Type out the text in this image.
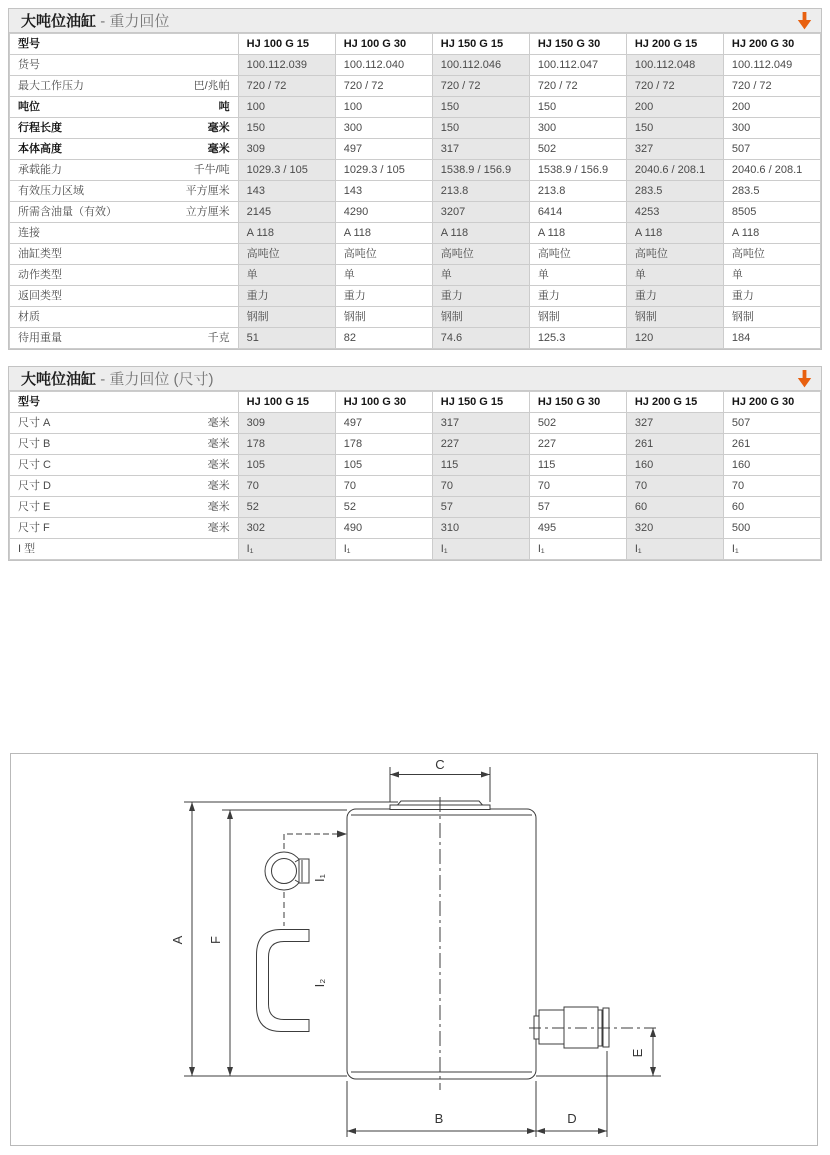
大吨位油缸 - 重力回位
型号	HJ 100 G 15	HJ 100 G 30	HJ 150 G 15	HJ 150 G 30	HJ 200 G 15	HJ 200 G 30
货号	100.112.039	100.112.040	100.112.046	100.112.047	100.112.048	100.112.049
最大工作压力 巴/兆帕	720 / 72	720 / 72	720 / 72	720 / 72	720 / 72	720 / 72
吨位 吨	100	100	150	150	200	200
行程长度 毫米	150	300	150	300	150	300
本体高度 毫米	309	497	317	502	327	507
承载能力 千牛/吨	1029.3 / 105	1029.3 / 105	1538.9 / 156.9	1538.9 / 156.9	2040.6 / 208.1	2040.6 / 208.1
有效压力区域 平方厘米	143	143	213.8	213.8	283.5	283.5
所需含油量（有效） 立方厘米	2145	4290	3207	6414	4253	8505
连接	A 118	A 118	A 118	A 118	A 118	A 118
油缸类型	高吨位	高吨位	高吨位	高吨位	高吨位	高吨位
动作类型	单	单	单	单	单	单
返回类型	重力	重力	重力	重力	重力	重力
材质	钢制	钢制	钢制	钢制	钢制	钢制
待用重量 千克	51	82	74.6	125.3	120	184
大吨位油缸 - 重力回位 (尺寸)
型号	HJ 100 G 15	HJ 100 G 30	HJ 150 G 15	HJ 150 G 30	HJ 200 G 15	HJ 200 G 30
尺寸 A 毫米	309	497	317	502	327	507
尺寸 B 毫米	178	178	227	227	261	261
尺寸 C 毫米	105	105	115	115	160	160
尺寸 D 毫米	70	70	70	70	70	70
尺寸 E 毫米	52	52	57	57	60	60
尺寸 F 毫米	302	490	310	495	320	500
I 型	I₁	I₁	I₁	I₁	I₁	I₁
C
A F
I₁
I₂
E
B	D
